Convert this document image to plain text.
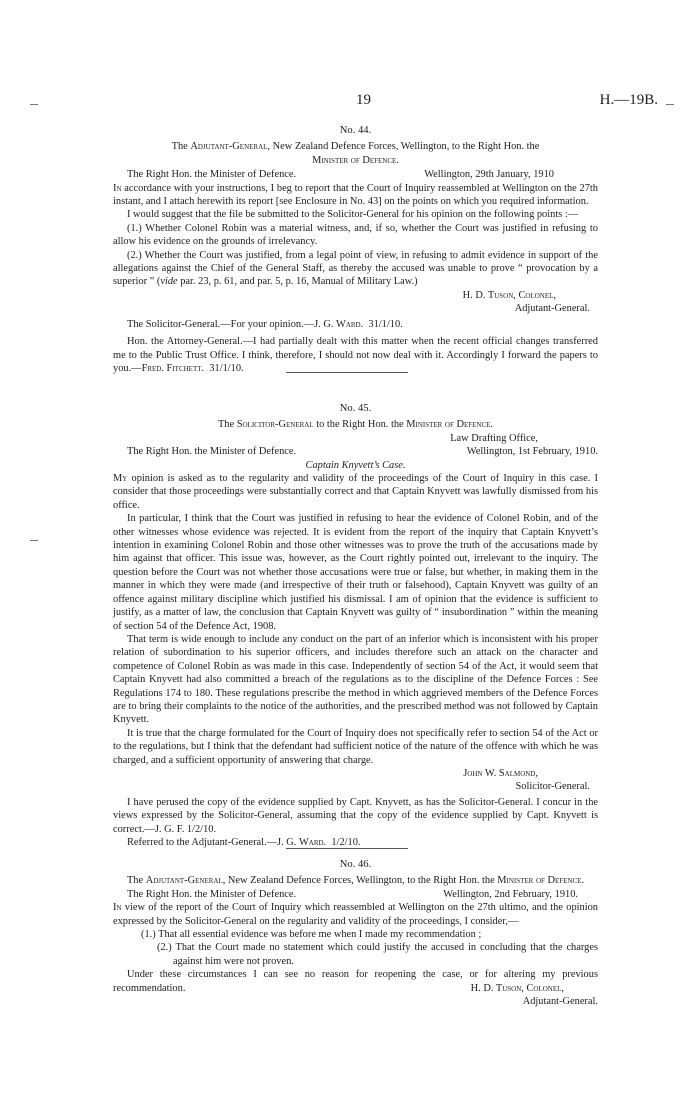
19	H.—19B.

No. 44.

The Adjutant-General, New Zealand Defence Forces, Wellington, to the Right Hon. the
Minister of Defence.

The Right Hon. the Minister of Defence.	Wellington, 29th January, 1910

In accordance with your instructions, I beg to report that the Court of Inquiry reassembled at Wellington on the 27th instant, and I attach herewith its report [see Enclosure in No. 43] on the points on which you required information.

I would suggest that the file be submitted to the Solicitor-General for his opinion on the following points :—

(1.) Whether Colonel Robin was a material witness, and, if so, whether the Court was justified in refusing to allow his evidence on the grounds of irrelevancy.

(2.) Whether the Court was justified, from a legal point of view, in refusing to admit evidence in support of the allegations against the Chief of the General Staff, as thereby the accused was unable to prove “ provocation by a superior ” (vide par. 23, p. 61, and par. 5, p. 16, Manual of Military Law.)

H. D. Tuson, Colonel,

Adjutant-General.

The Solicitor-General.—For your opinion.—J. G. Ward. 31/1/10.

Hon. the Attorney-General.—I had partially dealt with this matter when the recent official changes transferred me to the Public Trust Office. I think, therefore, I should not now deal with it. Accordingly I forward the papers to you.—Fred. Fitchett. 31/1/10.

No. 45.

The Solicitor-General to the Right Hon. the Minister of Defence.

Law Drafting Office,

The Right Hon. the Minister of Defence.	Wellington, 1st February, 1910.

Captain Knyvett’s Case.

My opinion is asked as to the regularity and validity of the proceedings of the Court of Inquiry in this case. I consider that those proceedings were substantially correct and that Captain Knyvett was lawfully dismissed from his office.

In particular, I think that the Court was justified in refusing to hear the evidence of Colonel Robin, and of the other witnesses whose evidence was rejected. It is evident from the report of the inquiry that Captain Knyvett’s intention in examining Colonel Robin and those other witnesses was to prove the truth of the accusations made by him against that officer. This issue was, however, as the Court rightly pointed out, irrelevant to the inquiry. The question before the Court was not whether those accusations were true or false, but whether, in making them in the manner in which they were made (and irrespective of their truth or falsehood), Captain Knyvett was guilty of an offence against military discipline which justified his dismissal. I am of opinion that the evidence is sufficient to justify, as a matter of law, the conclusion that Captain Knyvett was guilty of “ insubordination ” within the meaning of section 54 of the Defence Act, 1908.

That term is wide enough to include any conduct on the part of an inferior which is inconsistent with his proper relation of subordination to his superior officers, and includes therefore such an attack on the character and competence of Colonel Robin as was made in this case. Independently of section 54 of the Act, it would seem that Captain Knyvett had also committed a breach of the regulations as to the discipline of the Defence Forces : See Regulations 174 to 180. These regulations prescribe the method in which aggrieved members of the Defence Forces are to bring their complaints to the notice of the authorities, and the prescribed method was not followed by Captain Knyvett.

It is true that the charge formulated for the Court of Inquiry does not specifically refer to section 54 of the Act or to the regulations, but I think that the defendant had sufficient notice of the nature of the offence with which he was charged, and a sufficient opportunity of answering that charge.

John W. Salmond,

Solicitor-General.

I have perused the copy of the evidence supplied by Capt. Knyvett, as has the Solicitor-General. I concur in the views expressed by the Solicitor-General, assuming that the copy of the evidence supplied by Capt. Knyvett is correct.—J. G. F. 1/2/10.

Referred to the Adjutant-General.—J. G. Ward. 1/2/10.

No. 46.

The Adjutant-General, New Zealand Defence Forces, Wellington, to the Right Hon. the Minister of Defence.

The Right Hon. the Minister of Defence.	Wellington, 2nd February, 1910.

In view of the report of the Court of Inquiry which reassembled at Wellington on the 27th ultimo, and the opinion expressed by the Solicitor-General on the regularity and validity of the proceedings, I consider,—

(1.) That all essential evidence was before me when I made my recommendation ;

(2.) That the Court made no statement which could justify the accused in concluding that the charges against him were not proven.

Under these circumstances I can see no reason for reopening the case, or for altering my previous recommendation.	H. D. Tuson, Colonel,

Adjutant-General.
